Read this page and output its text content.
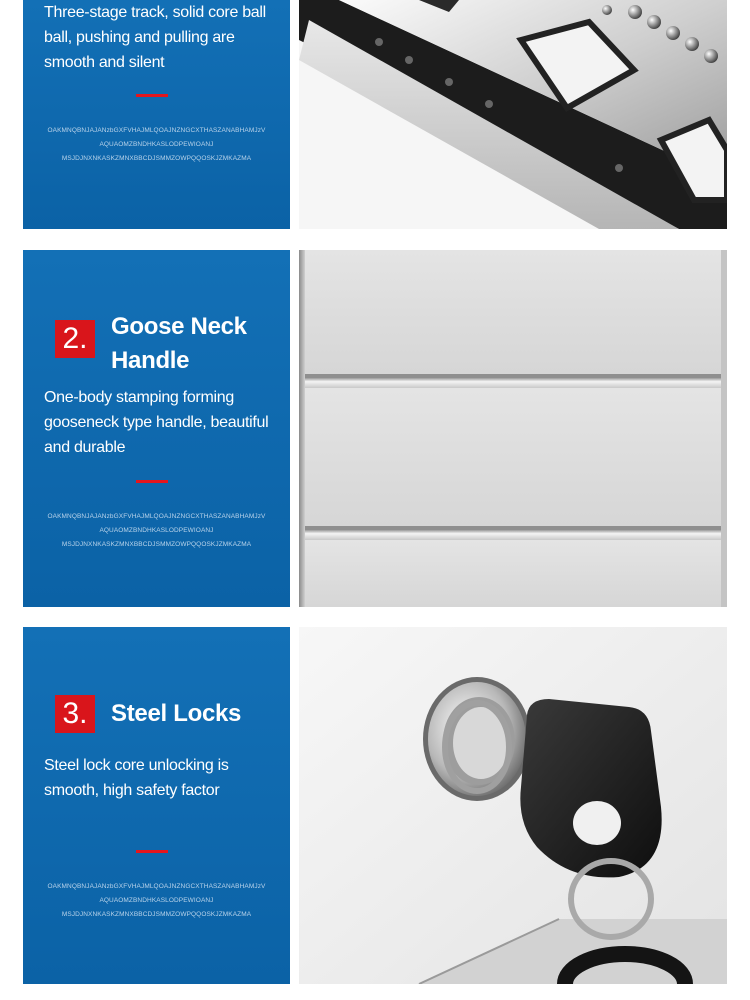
Three-stage track, solid core ball ball, pushing and pulling are smooth and silent
OAKMNQBNJAJANzbGXFVHAJMLQOAJNZNGCXTHASZANABHAMJzV
AQUAOMZBNDHKASLODPEWIOANJ
MSJDJNXNKASKZMNXBBCDJSMMZOWPQQOSKJZMKAZMA
2. Goose Neck Handle
One-body stamping forming gooseneck type handle, beautiful and durable
OAKMNQBNJAJANzbGXFVHAJMLQOAJNZNGCXTHASZANABHAMJzV
AQUAOMZBNDHKASLODPEWIOANJ
MSJDJNXNKASKZMNXBBCDJSMMZOWPQQOSKJZMKAZMA
3. Steel Locks
Steel lock core unlocking is smooth, high safety factor
OAKMNQBNJAJANzbGXFVHAJMLQOAJNZNGCXTHASZANABHAMJzV
AQUAOMZBNDHKASLODPEWIOANJ
MSJDJNXNKASKZMNXBBCDJSMMZOWPQQOSKJZMKAZMA
